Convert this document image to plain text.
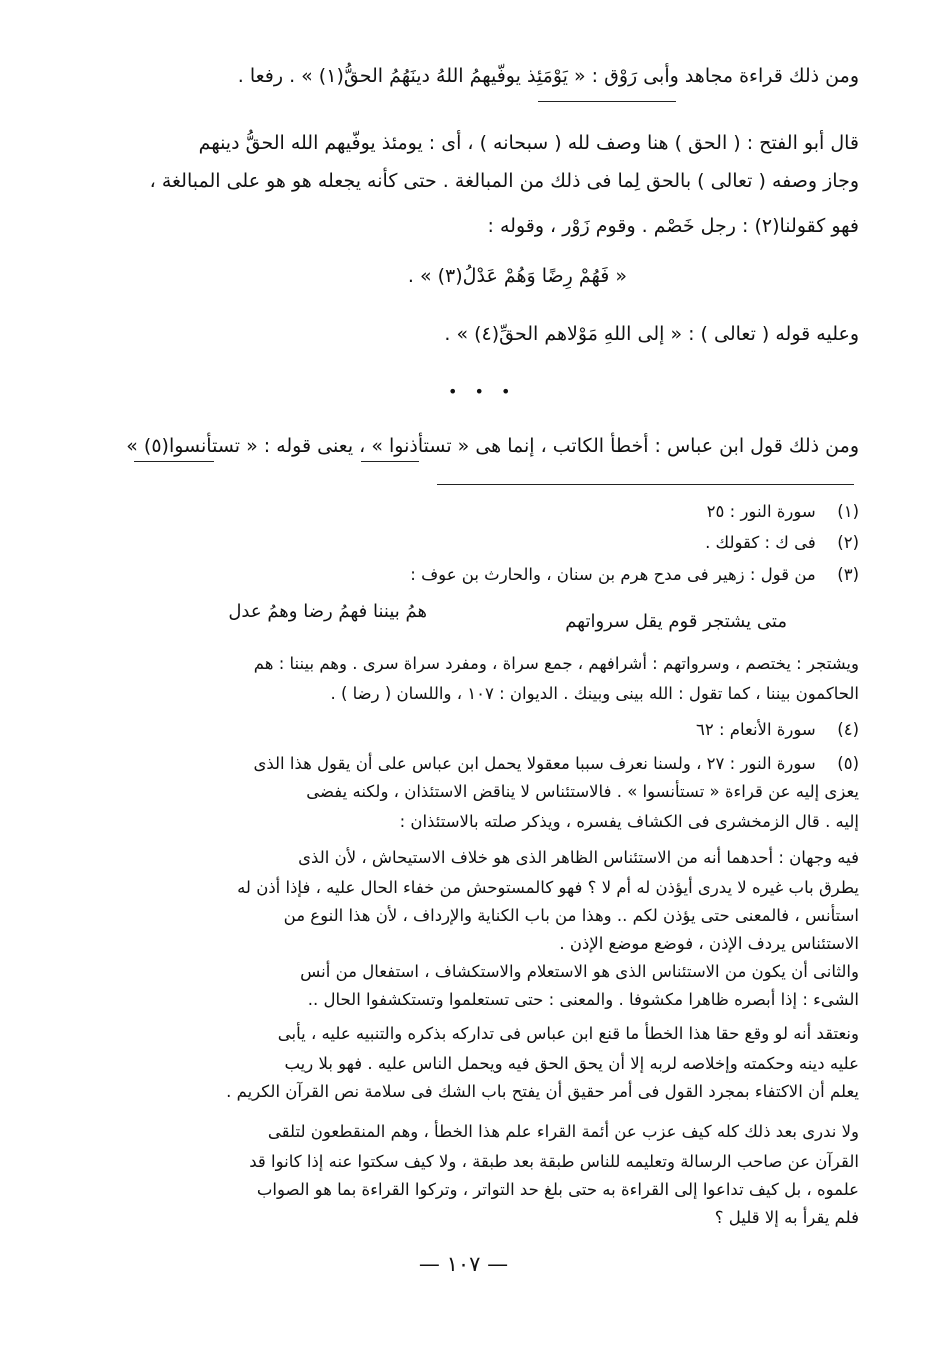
ومن ذلك قراءة مجاهد وأبى رَوْق : « يَوْمَئِذ يوفّيهمُ اللهُ دينَهُمُ الحقُّ(١) » . رفعا .
قال أبو الفتح : ( الحق ) هنا وصف لله ( سبحانه ) ، أى : يومئذ يوفّيهم الله الحقُّ دينهم
وجاز وصفه ( تعالى ) بالحق لِما فى ذلك من المبالغة . حتى كأنه يجعله هو هو على المبالغة ،
فهو كقولنا(٢) : رجل خَصْم . وقوم زَوْر ، وقوله :
« فَهُمْ رِضًا وَهُمْ عَدْلُ(٣) » .
وعليه قوله ( تعالى ) : « إلى اللهِ مَوْلاهم الحقِّ(٤) » .
• • •
ومن ذلك قول ابن عباس : أخطأ الكاتب ، إنما هى « تستأذنوا » ، يعنى قوله : « تستأنسوا(٥) »
(١) سورة النور : ٢٥
(٢) فى ك : كقولك .
(٣) من قول : زهير فى مدح هرم بن سنان ، والحارث بن عوف :
متى يشتجر قوم يقل سرواتهم
همُ بيننا فهمُ رضا وهمُ عدل
ويشتجر : يختصم ، وسرواتهم : أشرافهم ، جمع سراة ، ومفرد سراة سرى . وهم بيننا : هم
الحاكمون بيننا ، كما تقول : الله بينى وبينك . الديوان : ١٠٧ ، واللسان ( رضا ) .
(٤) سورة الأنعام : ٦٢
(٥) سورة النور : ٢٧ ، ولسنا نعرف سببا معقولا يحمل ابن عباس على أن يقول هذا الذى
يعزى إليه عن قراءة « تستأنسوا » . فالاستئناس لا يناقض الاستئذان ، ولكنه يفضى
إليه . قال الزمخشرى فى الكشاف يفسره ، ويذكر صلته بالاستئذان :
فيه وجهان : أحدهما أنه من الاستئناس الظاهر الذى هو خلاف الاستيحاش ، لأن الذى
يطرق باب غيره لا يدرى أيؤذن له أم لا ؟ فهو كالمستوحش من خفاء الحال عليه ، فإذا أذن له
استأنس ، فالمعنى حتى يؤذن لكم .. وهذا من باب الكناية والإرداف ، لأن هذا النوع من
الاستئناس يردف الإذن ، فوضع موضع الإذن .
والثانى أن يكون من الاستئناس الذى هو الاستعلام والاستكشاف ، استفعال من أنس
الشىء : إذا أبصره ظاهرا مكشوفا . والمعنى : حتى تستعلموا وتستكشفوا الحال ..
ونعتقد أنه لو وقع حقا هذا الخطأ ما قنع ابن عباس فى تداركه بذكره والتنبيه عليه ، يأبى
عليه دينه وحكمته وإخلاصه لربه إلا أن يحق الحق فيه ويحمل الناس عليه . فهو بلا ريب
يعلم أن الاكتفاء بمجرد القول فى أمر حقيق أن يفتح باب الشك فى سلامة نص القرآن الكريم .
ولا ندرى بعد ذلك كله كيف عزب عن أئمة القراء علم هذا الخطأ ، وهم المنقطعون لتلقى
القرآن عن صاحب الرسالة وتعليمه للناس طبقة بعد طبقة ، ولا كيف سكتوا عنه إذا كانوا قد
علموه ، بل كيف تداعوا إلى القراءة به حتى بلغ حد التواتر ، وتركوا القراءة بما هو الصواب
فلم يقرأ به إلا قليل ؟
— ١٠٧ —
